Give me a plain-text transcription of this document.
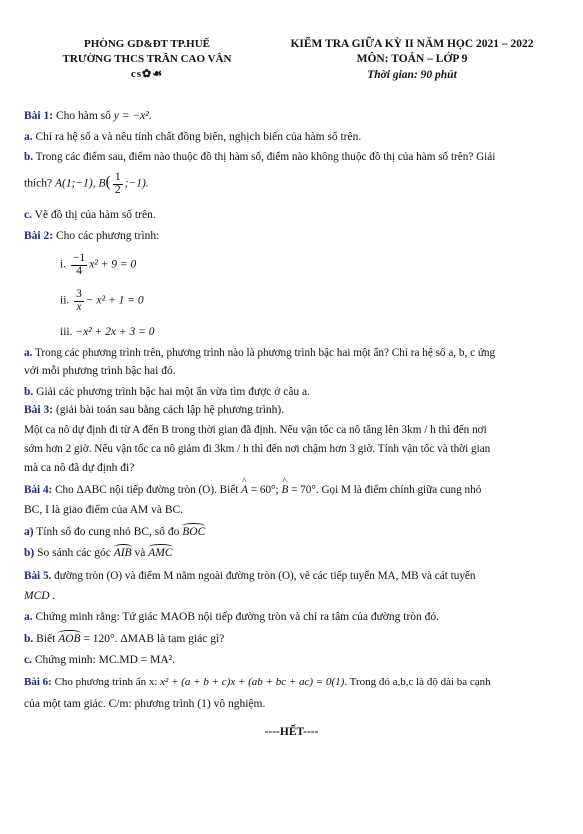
PHÒNG GD&ĐT TP.HUẾ
TRƯỜNG THCS TRẦN CAO VÂN
cs✿☙
KIỂM TRA GIỮA KỲ II NĂM HỌC 2021 – 2022
MÔN: TOÁN – LỚP 9
Thời gian: 90 phút
Bài 1: Cho hàm số y = −x².
a. Chỉ ra hệ số a và nêu tính chất đồng biến, nghịch biến của hàm số trên.
b. Trong các điểm sau, điểm nào thuộc đồ thị hàm số, điểm nào không thuộc đồ thị của hàm số trên? Giải
thích? A(1;−1), $B( \frac{1}{2}$ ;−1).
c. Vẽ đồ thị của hàm số trên.
Bài 2: Cho các phương trình:
i. $\frac{-1}{4} x^2 + 9 = 0$
ii. $\frac{3}{x} - x^2 + 1 = 0$
iii. −x² + 2x + 3 = 0
a. Trong các phương trình trên, phương trình nào là phương trình bậc hai một ẩn? Chỉ ra hệ số a, b, c ứng
với mỗi phương trình bậc hai đó.
b. Giải các phương trình bậc hai một ẩn vừa tìm được ở câu a.
Bài 3: (giải bài toán sau bằng cách lập hệ phương trình).
Một ca nô dự định đi từ A đến B trong thời gian đã định. Nếu vận tốc ca nô tăng lên 3km / h thì đến nơi
sớm hơn 2 giờ. Nếu vận tốc ca nô giảm đi 3km / h thì đến nơi chậm hơn 3 giờ. Tính vận tốc và thời gian
mà ca nô đã dự định đi?
Bài 4: Cho ΔABC nội tiếp đường tròn (O). Biết ^ A = 60°; ^ B = 70°. Gọi M là điểm chính giữa cung nhỏ
BC, I là giao điểm của AM và BC.
a) Tính số đo cung nhỏ BC, số đo BOC
b) So sánh các góc AIB và AMC
Bài 5. đường tròn (O) và điểm M nằm ngoài đường tròn (O), vẽ các tiếp tuyến MA, MB và cát tuyến
MCD .
a. Chứng minh rằng: Tứ giác MAOB nội tiếp đường tròn và chỉ ra tâm của đường tròn đó.
b. Biết AOB = 120°. ΔMAB là tam giác gì?
c. Chứng minh: MC.MD = MA².
Bài 6: Cho phương trình ẩn x: x² + (a + b + c)x + (ab + bc + ac) = 0(1). Trong đó a,b,c là độ dài ba cạnh
của một tam giác. C/m: phương trình (1) vô nghiệm.
----HẾT----
